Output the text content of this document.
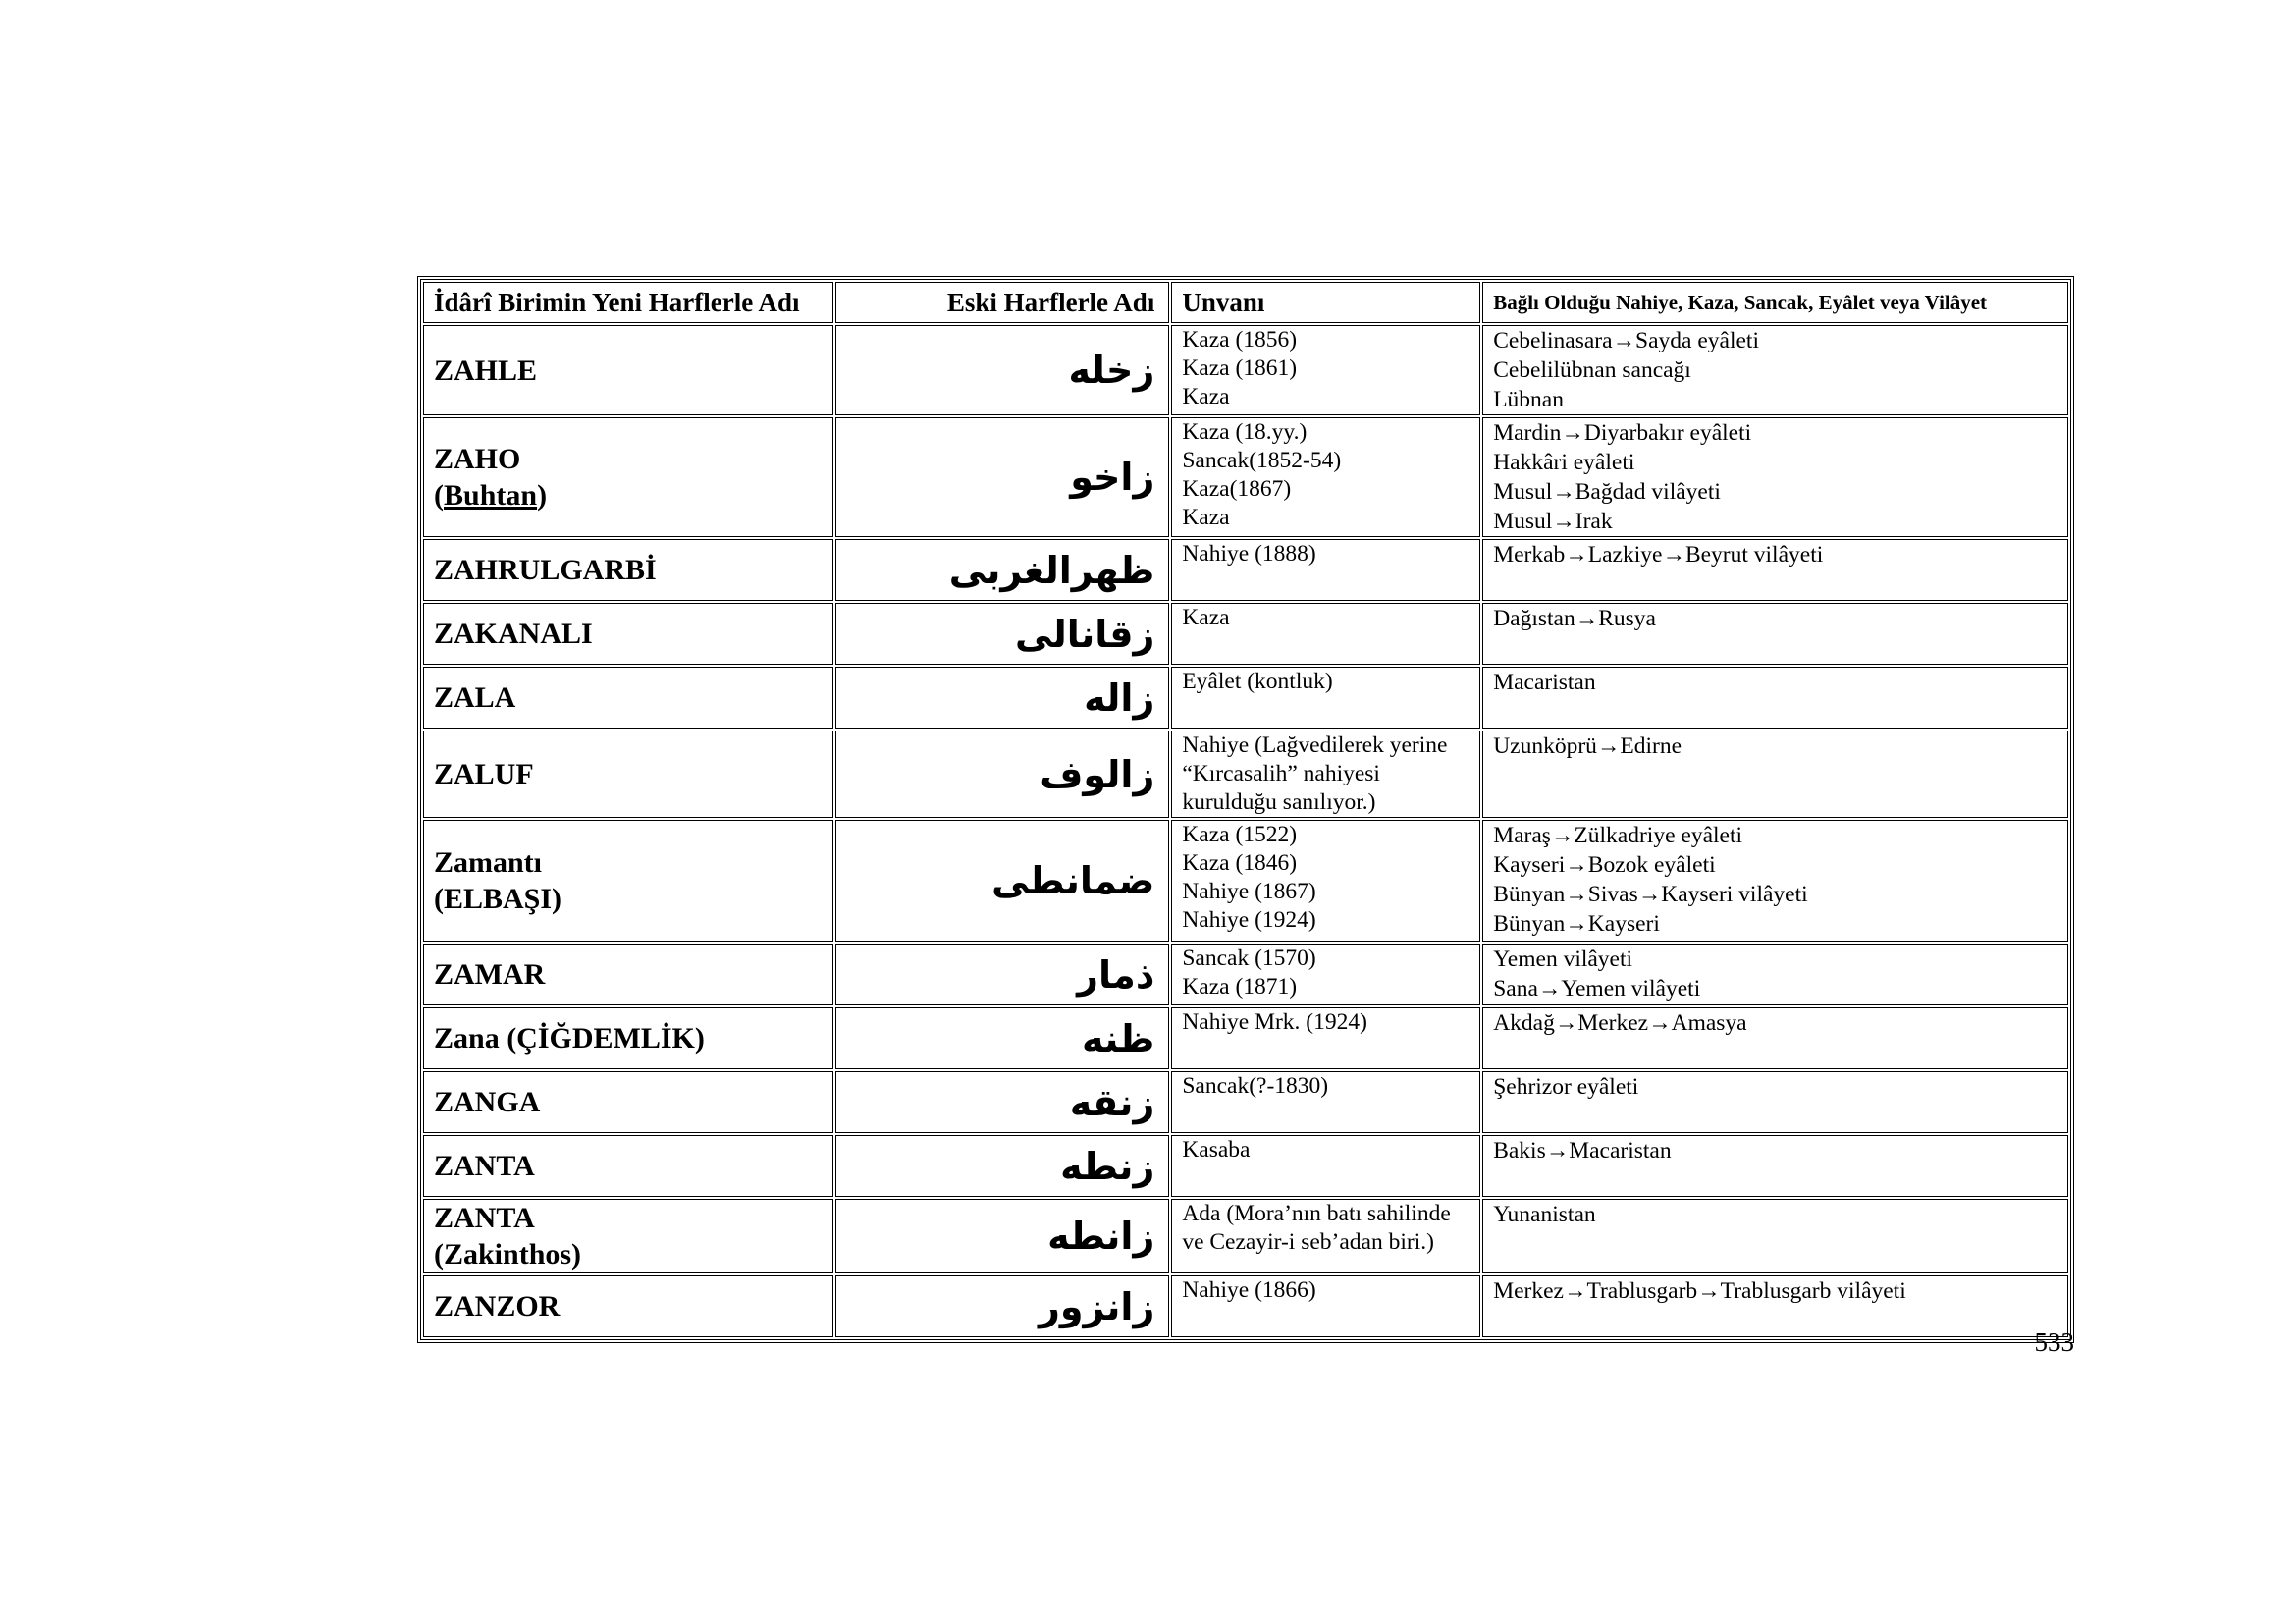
533
İdârî Birimin Yeni Harflerle Adı	Eski Harflerle Adı	Unvanı	Bağlı Olduğu Nahiye, Kaza, Sancak, Eyâlet veya Vilâyet

ZAHLE	زخله	Kaza (1856)
Kaza (1861)
Kaza	Cebelinasara→Sayda eyâleti
Cebelilübnan sancağı
Lübnan

ZAHO
(Buhtan)	زاخو	Kaza (18.yy.)
Sancak(1852-54)
Kaza(1867)
Kaza	Mardin→Diyarbakır eyâleti
Hakkâri eyâleti
Musul→Bağdad vilâyeti
Musul→Irak

ZAHRULGARBİ	ظهرالغربى	Nahiye (1888)	Merkab→Lazkiye→Beyrut vilâyeti

ZAKANALI	زقانالى	Kaza	Dağıstan→Rusya

ZALA	زاله	Eyâlet (kontluk)	Macaristan

ZALUF	زالوف	Nahiye (Lağvedilerek yerine
“Kırcasalih” nahiyesi
kurulduğu sanılıyor.)	Uzunköprü→Edirne

Zamantı
(ELBAŞI)	ضمانطى	Kaza (1522)
Kaza (1846)
Nahiye (1867)
Nahiye (1924)	Maraş→Zülkadriye eyâleti
Kayseri→Bozok eyâleti
Bünyan→Sivas→Kayseri vilâyeti
Bünyan→Kayseri

ZAMAR	ذمار	Sancak (1570)
Kaza (1871)	Yemen vilâyeti
Sana→Yemen vilâyeti

Zana (ÇİĞDEMLİK)	ظنه	Nahiye Mrk. (1924)	Akdağ→Merkez→Amasya

ZANGA	زنقه	Sancak(?-1830)	Şehrizor eyâleti

ZANTA	زنطه	Kasaba	Bakis→Macaristan

ZANTA
(Zakinthos)	زانطه	Ada (Mora’nın batı sahilinde
ve Cezayir-i seb’adan biri.)	Yunanistan

ZANZOR	زانزور	Nahiye (1866)	Merkez→Trablusgarb→Trablusgarb vilâyeti
